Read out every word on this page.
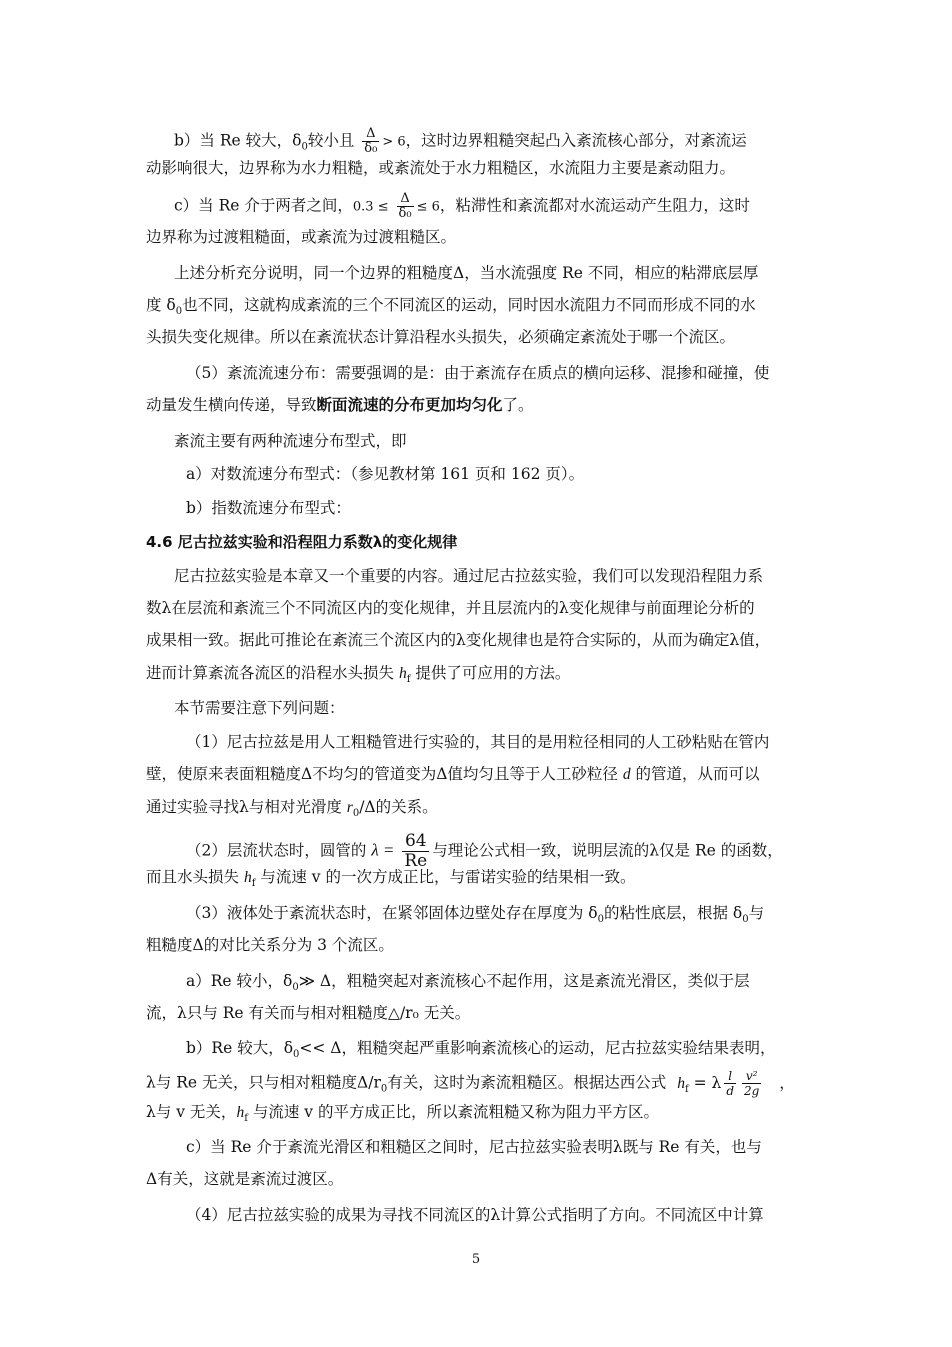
b）当 Re 较大，$\delta_0$较小且 $\frac{\Delta}{\text{δ₀}} > 6$，这时边界粗糙突起凸入紊流核心部分，对紊流运
动影响很大，边界称为水力粗糙，或紊流处于水力粗糙区，水流阻力主要是紊动阻力。
c）当 Re 介于两者之间，$0.3 \le \frac{\Delta}{\text{δ₀}} \le 6$，粘滞性和紊流都对水流运动产生阻力，这时
边界称为过渡粗糙面，或紊流为过渡粗糙区。
上述分析充分说明，同一个边界的粗糙度Δ，当水流强度 Re 不同，相应的粘滞底层厚
度 $\delta_0$也不同，这就构成紊流的三个不同流区的运动，同时因水流阻力不同而形成不同的水
头损失变化规律。所以在紊流状态计算沿程水头损失，必须确定紊流处于哪一个流区。
（5）紊流流速分布：需要强调的是：由于紊流存在质点的横向运移、混掺和碰撞，使
动量发生横向传递，导致断面流速的分布更加均匀化了。
紊流主要有两种流速分布型式，即
a）对数流速分布型式：（参见教材第 161 页和 162 页）。
b）指数流速分布型式：
4.6 尼古拉兹实验和沿程阻力系数λ的变化规律
尼古拉兹实验是本章又一个重要的内容。通过尼古拉兹实验，我们可以发现沿程阻力系
数λ在层流和紊流三个不同流区内的变化规律，并且层流内的λ变化规律与前面理论分析的
成果相一致。据此可推论在紊流三个流区内的λ变化规律也是符合实际的，从而为确定λ值，
进而计算紊流各流区的沿程水头损失 $h_f$ 提供了可应用的方法。
本节需要注意下列问题：
（1）尼古拉兹是用人工粗糙管进行实验的，其目的是用粒径相同的人工砂粘贴在管内
壁，使原来表面粗糙度Δ不均匀的管道变为Δ值均匀且等于人工砂粒径 d 的管道，从而可以
通过实验寻找λ与相对光滑度 $r_0/\Delta$的关系。
（2）层流状态时，圆管的 $\lambda = \frac{64}{Re}$ 与理论公式相一致，说明层流的λ仅是 Re 的函数，
而且水头损失 $h_f$ 与流速 v 的一次方成正比，与雷诺实验的结果相一致。
（3）液体处于紊流状态时，在紧邻固体边壁处存在厚度为 $\delta_0$的粘性底层，根据 $\delta_0$与
粗糙度Δ的对比关系分为 3 个流区。
a）Re 较小，$\delta_0≫$ Δ，粗糙突起对紊流核心不起作用，这是紊流光滑区，类似于层
流，λ只与 Re 有关而与相对粗糙度△/r₀ 无关。
b）Re 较大，$\delta_0<< \Delta$，粗糙突起严重影响紊流核心的运动，尼古拉兹实验结果表明，
λ与 Re 无关，只与相对粗糙度$\Delta/r_0$有关，这时为紊流粗糙区。根据达西公式 $h_f = \lambda \frac{l}{d} \frac{\text{v²}}{2g}$ ，
λ与 v 无关，$h_f$ 与流速 v 的平方成正比，所以紊流粗糙又称为阻力平方区。
c）当 Re 介于紊流光滑区和粗糙区之间时，尼古拉兹实验表明λ既与 Re 有关，也与
Δ有关，这就是紊流过渡区。
（4）尼古拉兹实验的成果为寻找不同流区的λ计算公式指明了方向。不同流区中计算
5
